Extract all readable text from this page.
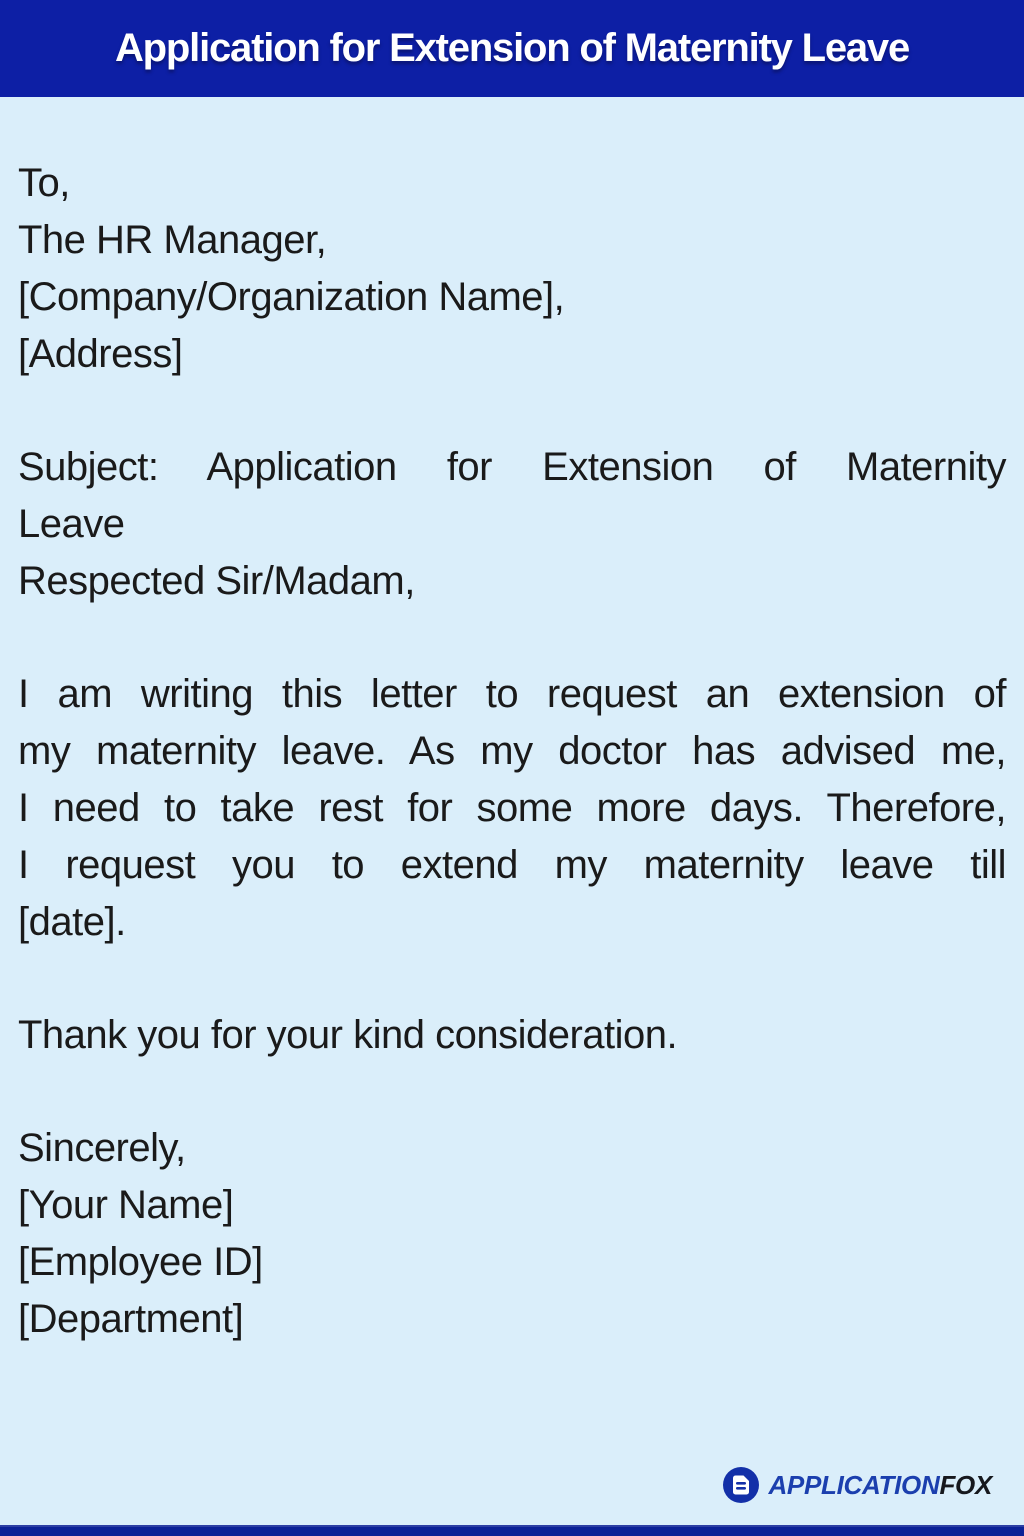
Application for Extension of Maternity Leave
To,
The HR Manager,
[Company/Organization Name],
[Address]
Subject: Application for Extension of Maternity
Leave
Respected Sir/Madam,
I am writing this letter to request an extension of
my maternity leave. As my doctor has advised me,
I need to take rest for some more days. Therefore,
I request you to extend my maternity leave till
[date].
Thank you for your kind consideration.
Sincerely,
[Your Name]
[Employee ID]
[Department]
APPLICATIONFOX
